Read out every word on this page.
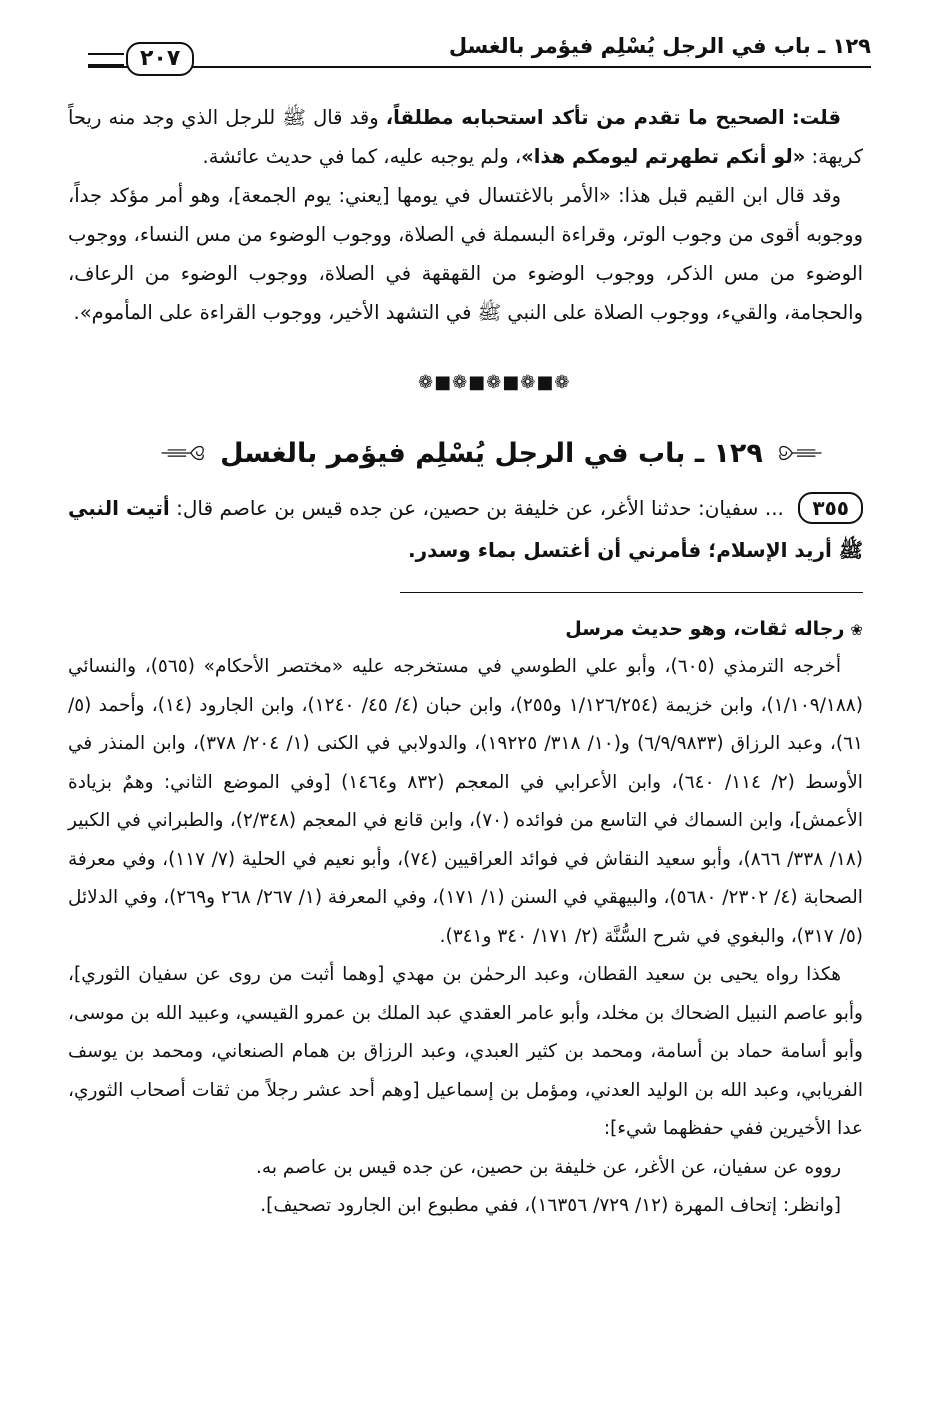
١٢٩ ـ باب في الرجل يُسْلِم فيؤمر بالغسل
٢٠٧

قلت: الصحيح ما تقدم من تأكد استحبابه مطلقاً، وقد قال ﷺ للرجل الذي وجد منه ريحاً كريهة: «لو أنكم تطهرتم ليومكم هذا»، ولم يوجبه عليه، كما في حديث عائشة.

وقد قال ابن القيم قبل هذا: «الأمر بالاغتسال في يومها [يعني: يوم الجمعة]، وهو أمر مؤكد جداً، ووجوبه أقوى من وجوب الوتر، وقراءة البسملة في الصلاة، ووجوب الوضوء من مس النساء، ووجوب الوضوء من مس الذكر، ووجوب الوضوء من القهقهة في الصلاة، ووجوب الوضوء من الرعاف، والحجامة، والقيء، ووجوب الصلاة على النبي ﷺ في التشهد الأخير، ووجوب القراءة على المأموم».

❁■❁■❁■❁■❁
١٢٩ ـ باب في الرجل يُسْلِم فيؤمر بالغسل

٣٥٥ ... سفيان: حدثنا الأغر، عن خليفة بن حصين، عن جده قيس بن عاصم قال: أتيت النبي ﷺ أريد الإسلام؛ فأمرني أن أغتسل بماء وسدر.

❀رجاله ثقات، وهو حديث مرسل

أخرجه الترمذي (٦٠٥)، وأبو علي الطوسي في مستخرجه عليه «مختصر الأحكام» (٥٦٥)، والنسائي (١/١٠٩/١٨٨)، وابن خزيمة (١/١٢٦/٢٥٤ و٢٥٥)، وابن حبان (٤/ ٤٥/ ١٢٤٠)، وابن الجارود (١٤)، وأحمد (٥/ ٦١)، وعبد الرزاق (٦/٩/٩٨٣٣) و(١٠/ ٣١٨/ ١٩٢٢٥)، والدولابي في الكنى (١/ ٢٠٤/ ٣٧٨)، وابن المنذر في الأوسط (٢/ ١١٤/ ٦٤٠)، وابن الأعرابي في المعجم (٨٣٢ و١٤٦٤) [وفي الموضع الثاني: وهمٌ بزيادة الأعمش]، وابن السماك في التاسع من فوائده (٧٠)، وابن قانع في المعجم (٢/٣٤٨)، والطبراني في الكبير (١٨/ ٣٣٨/ ٨٦٦)، وأبو سعيد النقاش في فوائد العراقيين (٧٤)، وأبو نعيم في الحلية (٧/ ١١٧)، وفي معرفة الصحابة (٤/ ٢٣٠٢/ ٥٦٨٠)، والبيهقي في السنن (١/ ١٧١)، وفي المعرفة (١/ ٢٦٧/ ٢٦٨ و٢٦٩)، وفي الدلائل (٥/ ٣١٧)، والبغوي في شرح السُّنَّة (٢/ ١٧١/ ٣٤٠ و٣٤١).

هكذا رواه يحيى بن سعيد القطان، وعبد الرحمٰن بن مهدي [وهما أثبت من روى عن سفيان الثوري]، وأبو عاصم النبيل الضحاك بن مخلد، وأبو عامر العقدي عبد الملك بن عمرو القيسي، وعبيد الله بن موسى، وأبو أسامة حماد بن أسامة، ومحمد بن كثير العبدي، وعبد الرزاق بن همام الصنعاني، ومحمد بن يوسف الفريابي، وعبد الله بن الوليد العدني، ومؤمل بن إسماعيل [وهم أحد عشر رجلاً من ثقات أصحاب الثوري، عدا الأخيرين ففي حفظهما شيء]:

رووه عن سفيان، عن الأغر، عن خليفة بن حصين، عن جده قيس بن عاصم به.

[وانظر: إتحاف المهرة (١٢/ ٧٢٩/ ١٦٣٥٦)، ففي مطبوع ابن الجارود تصحيف].
